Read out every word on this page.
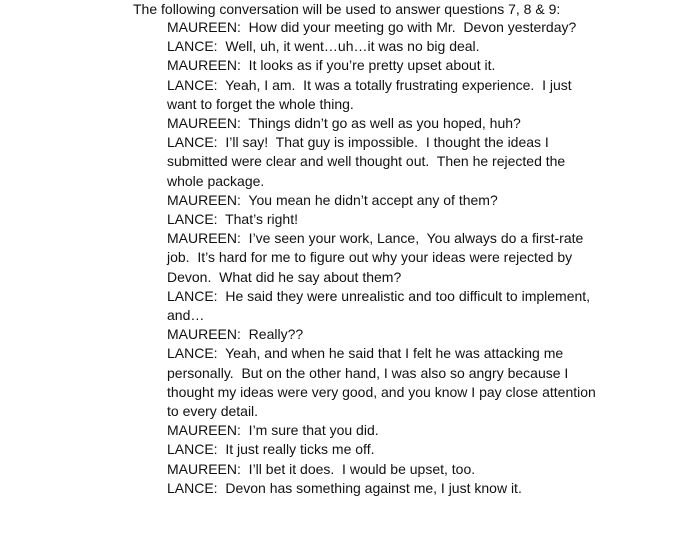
The following conversation will be used to answer questions 7, 8 & 9:
MAUREEN:  How did your meeting go with Mr.  Devon yesterday?
LANCE:  Well, uh, it went…uh…it was no big deal.
MAUREEN:  It looks as if you’re pretty upset about it.
LANCE:  Yeah, I am.  It was a totally frustrating experience.  I just
want to forget the whole thing.
MAUREEN:  Things didn’t go as well as you hoped, huh?
LANCE:  I’ll say!  That guy is impossible.  I thought the ideas I
submitted were clear and well thought out.  Then he rejected the
whole package.
MAUREEN:  You mean he didn’t accept any of them?
LANCE:  That’s right!
MAUREEN:  I’ve seen your work, Lance,  You always do a first-rate
job.  It’s hard for me to figure out why your ideas were rejected by
Devon.  What did he say about them?
LANCE:  He said they were unrealistic and too difficult to implement,
and…
MAUREEN:  Really??
LANCE:  Yeah, and when he said that I felt he was attacking me
personally.  But on the other hand, I was also so angry because I
thought my ideas were very good, and you know I pay close attention
to every detail.
MAUREEN:  I’m sure that you did.
LANCE:  It just really ticks me off.
MAUREEN:  I’ll bet it does.  I would be upset, too.
LANCE:  Devon has something against me, I just know it.
